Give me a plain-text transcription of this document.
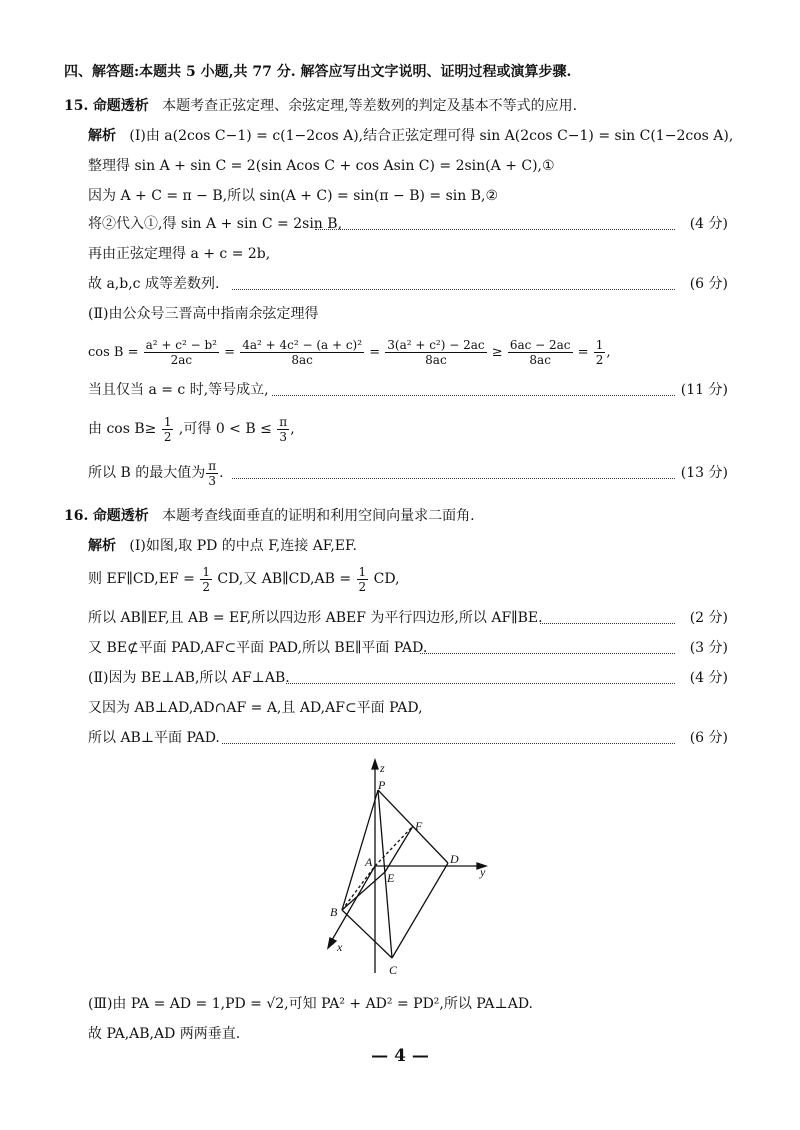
四、解答题:本题共 5 小题,共 77 分. 解答应写出文字说明、证明过程或演算步骤.
15. 命题透析 本题考查正弦定理、余弦定理,等差数列的判定及基本不等式的应用.
解析 (Ⅰ)由 a(2cos C−1) = c(1−2cos A),结合正弦定理可得 sin A(2cos C−1) = sin C(1−2cos A),
整理得 sin A + sin C = 2(sin Acos C + cos Asin C) = 2sin(A + C),①
因为 A + C = π − B,所以 sin(A + C) = sin(π − B) = sin B,②
将②代入①,得 sin A + sin C = 2sin B,	(4 分)
再由正弦定理得 a + c = 2b,
故 a,b,c 成等差数列.	(6 分)
(Ⅱ)由公众号三晋高中指南余弦定理得
$\cos B = \frac{\text{a² + c² − b²}}{2ac} = \frac{\text{4a² + 4c² − (a + c)²}}{8ac} = \frac{\text{3(a² + c²) − 2ac}}{8ac} \ge \frac{6ac - 2ac}{8ac} = \frac{1}{2}$ ,
当且仅当 a = c 时,等号成立,	(11 分)
由 $\cos B\ge \frac{1}{2}$ ,可得 $0 < B \le \frac{\pi}{3}$ ,
所以 B 的最大值为 $\frac{\pi}{3}$ .	(13 分)
16. 命题透析 本题考查线面垂直的证明和利用空间向量求二面角.
解析 (Ⅰ)如图,取 PD 的中点 F,连接 AF,EF.
则 EF∥CD,EF = $\frac{1}{2}$ CD,又 AB∥CD,AB = $\frac{1}{2}$ CD,
所以 AB∥EF,且 AB = EF,所以四边形 ABEF 为平行四边形,所以 AF∥BE.	(2 分)
又 BE⊄平面 PAD,AF⊂平面 PAD,所以 BE∥平面 PAD.	(3 分)
(Ⅱ)因为 BE⊥AB,所以 AF⊥AB.	(4 分)
又因为 AB⊥AD,AD∩AF = A,且 AD,AF⊂平面 PAD,
所以 AB⊥平面 PAD.	(6 分)
z
P
F
A	D
y
E
B
x
C
(Ⅲ)由 PA = AD = 1,PD = √2,可知 PA² + AD² = PD²,所以 PA⊥AD.
故 PA,AB,AD 两两垂直.
— 4 —
